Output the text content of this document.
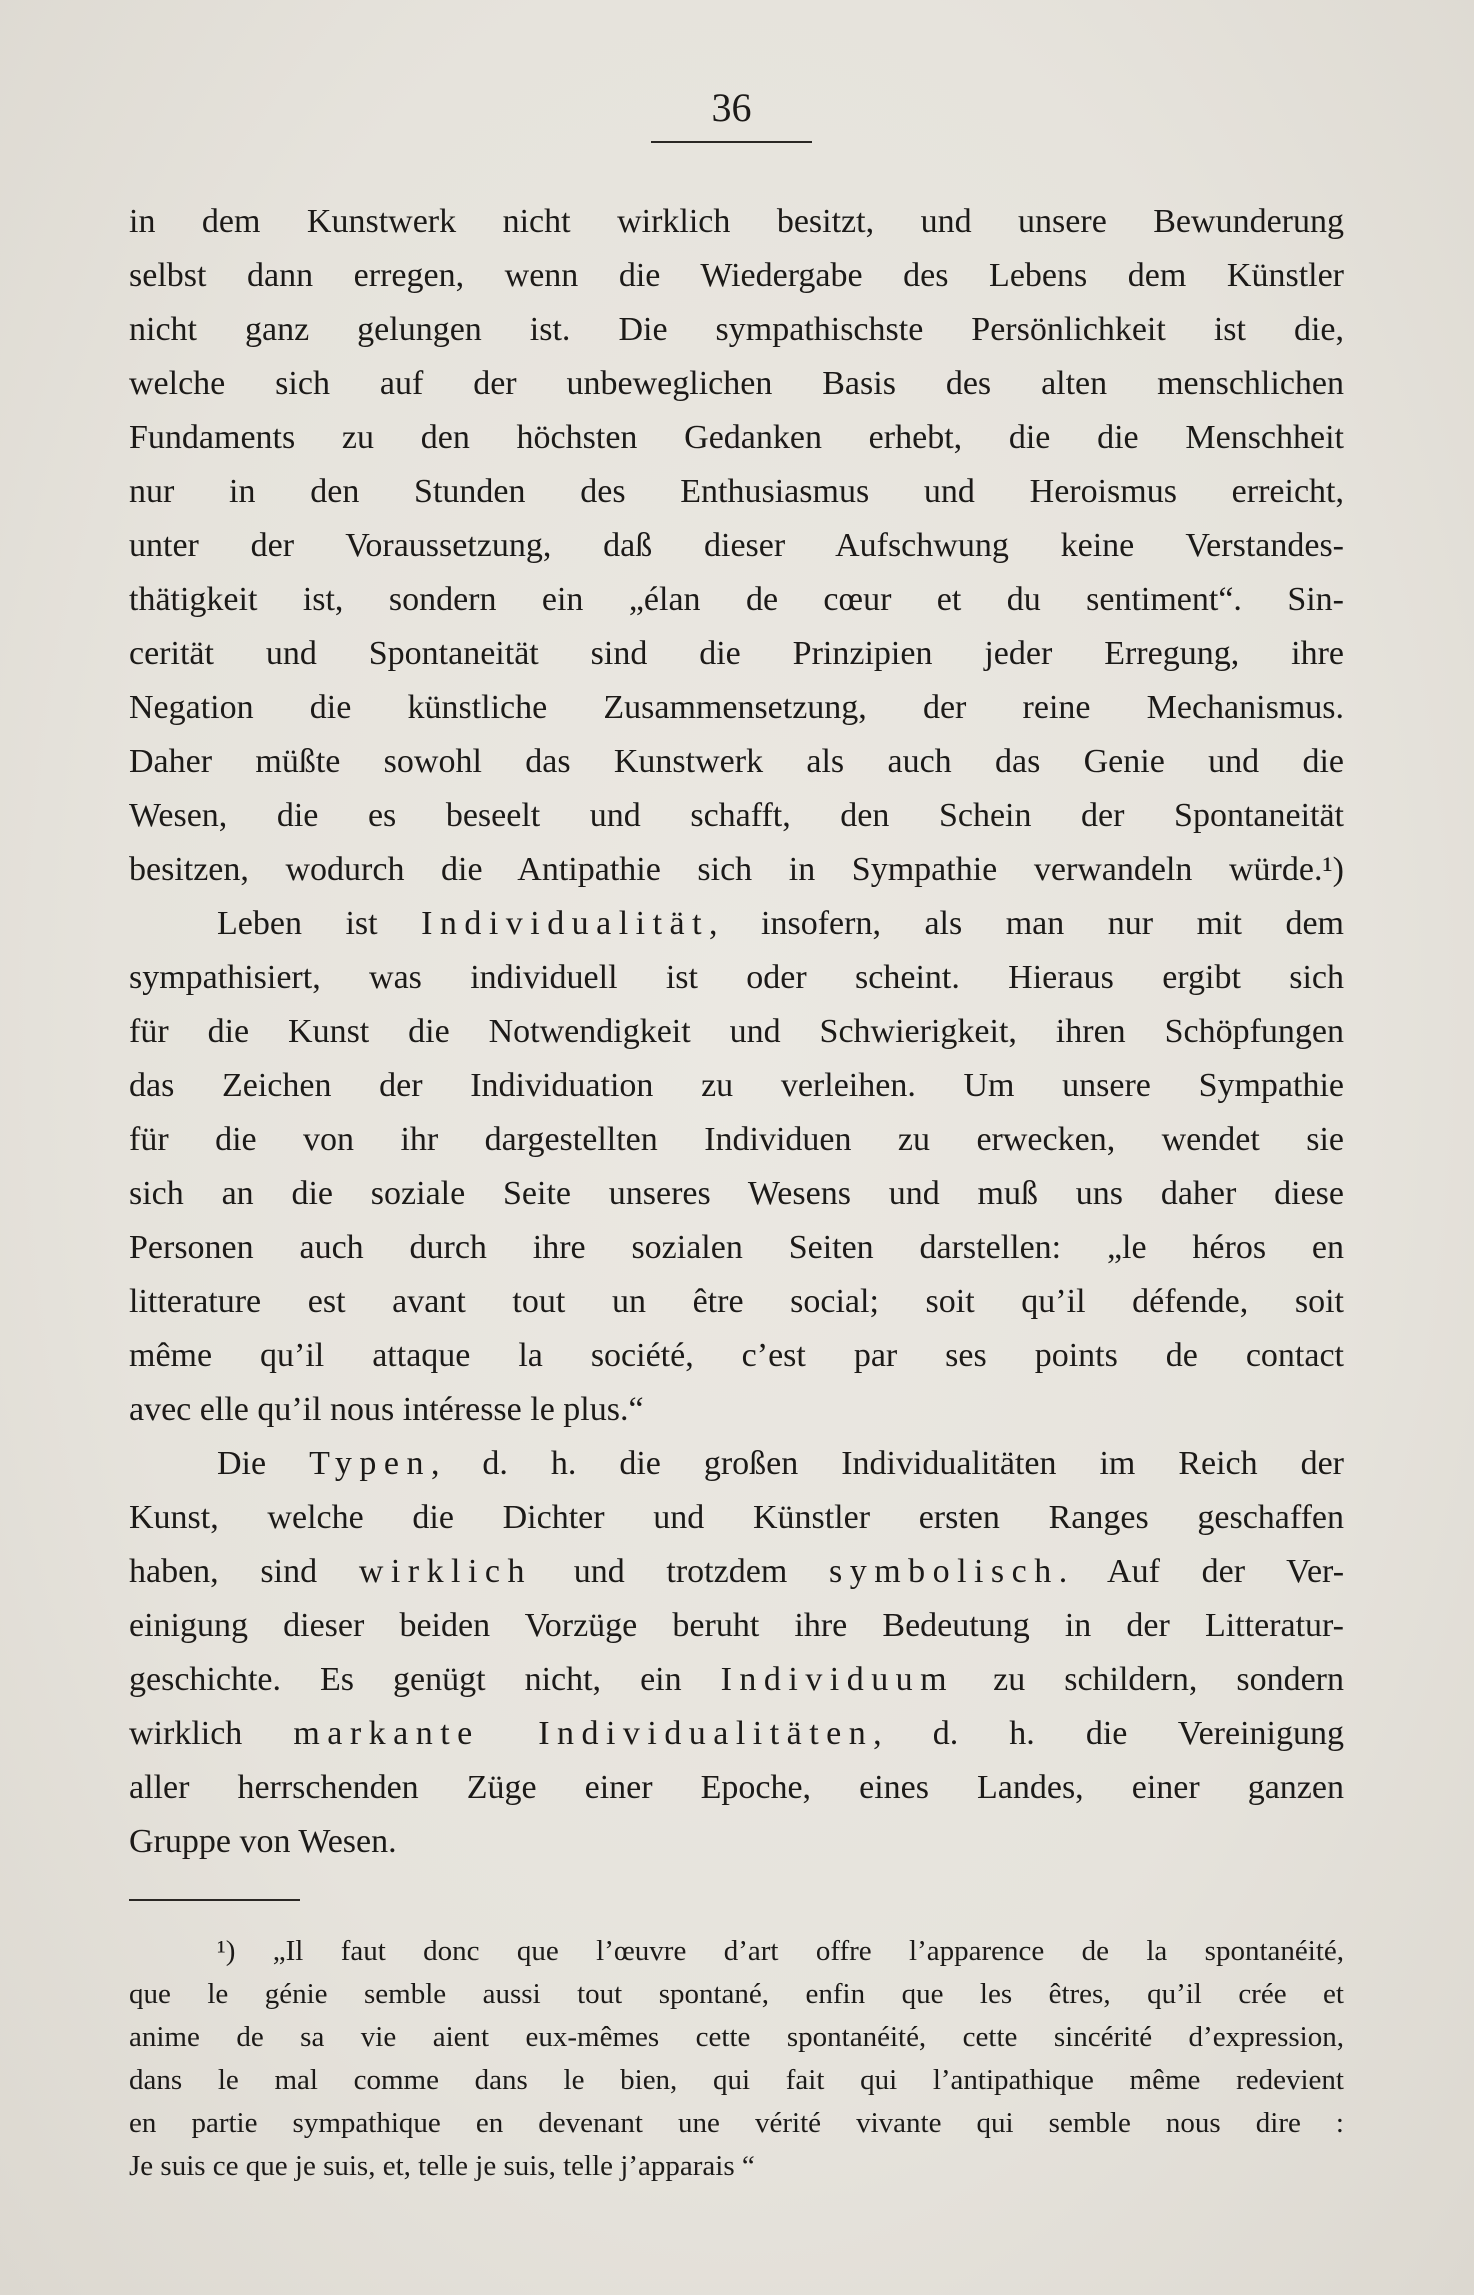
36
in dem Kunstwerk nicht wirklich besitzt, und unsere Bewunderung
selbst dann erregen, wenn die Wiedergabe des Lebens dem Künstler
nicht ganz gelungen ist. Die sympathischste Persönlichkeit ist die,
welche sich auf der unbeweglichen Basis des alten menschlichen
Fundaments zu den höchsten Gedanken erhebt, die die Menschheit
nur in den Stunden des Enthusiasmus und Heroismus erreicht,
unter der Voraussetzung, daß dieser Aufschwung keine Verstandes-
thätigkeit ist, sondern ein „élan de cœur et du sentiment“. Sin-
cerität und Spontaneität sind die Prinzipien jeder Erregung, ihre
Negation die künstliche Zusammensetzung, der reine Mechanismus.
Daher müßte sowohl das Kunstwerk als auch das Genie und die
Wesen, die es beseelt und schafft, den Schein der Spontaneität
besitzen, wodurch die Antipathie sich in Sympathie verwandeln würde.¹)
Leben ist Individualität, insofern, als man nur mit dem
sympathisiert, was individuell ist oder scheint. Hieraus ergibt sich
für die Kunst die Notwendigkeit und Schwierigkeit, ihren Schöpfungen
das Zeichen der Individuation zu verleihen. Um unsere Sympathie
für die von ihr dargestellten Individuen zu erwecken, wendet sie
sich an die soziale Seite unseres Wesens und muß uns daher diese
Personen auch durch ihre sozialen Seiten darstellen: „le héros en
litterature est avant tout un être social; soit qu’il défende, soit
même qu’il attaque la société, c’est par ses points de contact
avec elle qu’il nous intéresse le plus.“
Die Typen, d. h. die großen Individualitäten im Reich der
Kunst, welche die Dichter und Künstler ersten Ranges geschaffen
haben, sind wirklich und trotzdem symbolisch. Auf der Ver-
einigung dieser beiden Vorzüge beruht ihre Bedeutung in der Litteratur-
geschichte. Es genügt nicht, ein Individuum zu schildern, sondern
wirklich markante Individualitäten, d. h. die Vereinigung
aller herrschenden Züge einer Epoche, eines Landes, einer ganzen
Gruppe von Wesen.
¹) „Il faut donc que l’œuvre d’art offre l’apparence de la spontanéité,
que le génie semble aussi tout spontané, enfin que les êtres, qu’il crée et
anime de sa vie aient eux-mêmes cette spontanéité, cette sincérité d’expression,
dans le mal comme dans le bien, qui fait qui l’antipathique même redevient
en partie sympathique en devenant une vérité vivante qui semble nous dire :
Je suis ce que je suis, et, telle je suis, telle j’apparais “
